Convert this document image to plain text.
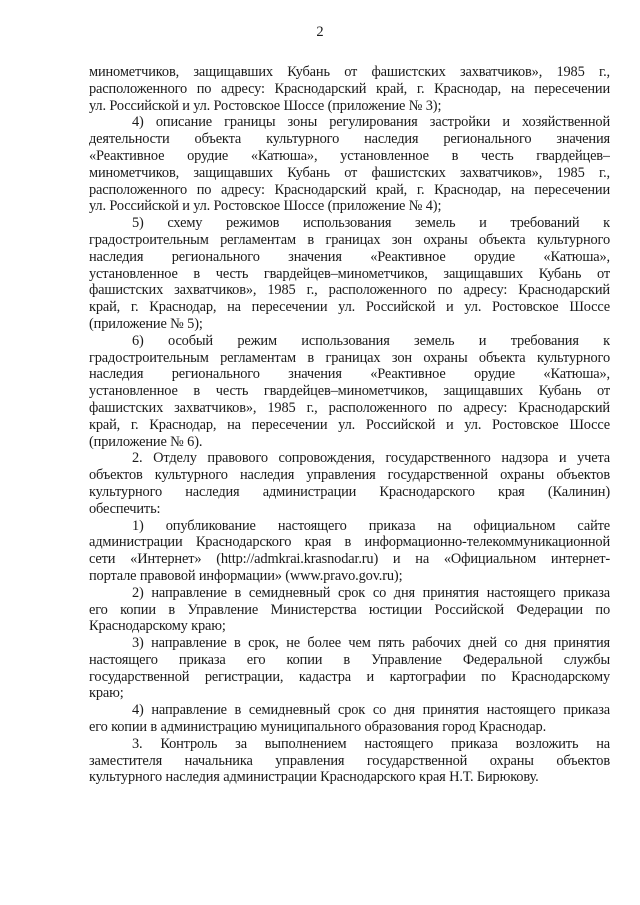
2
минометчиков, защищавших Кубань от фашистских захватчиков», 1985 г.,
расположенного по адресу: Краснодарский край, г. Краснодар, на пересечении
ул. Российской и ул. Ростовское Шоссе (приложение № 3);
4) описание границы зоны регулирования застройки и хозяйственной
деятельности объекта культурного наследия регионального значения
«Реактивное орудие «Катюша», установленное в честь гвардейцев–
минометчиков, защищавших Кубань от фашистских захватчиков», 1985 г.,
расположенного по адресу: Краснодарский край, г. Краснодар, на пересечении
ул. Российской и ул. Ростовское Шоссе (приложение № 4);
5) схему режимов использования земель и требований к
градостроительным регламентам в границах зон охраны объекта культурного
наследия регионального значения «Реактивное орудие «Катюша»,
установленное в честь гвардейцев–минометчиков, защищавших Кубань от
фашистских захватчиков», 1985 г., расположенного по адресу: Краснодарский
край, г. Краснодар, на пересечении ул. Российской и ул. Ростовское Шоссе
(приложение № 5);
6) особый режим использования земель и требования к
градостроительным регламентам в границах зон охраны объекта культурного
наследия регионального значения «Реактивное орудие «Катюша»,
установленное в честь гвардейцев–минометчиков, защищавших Кубань от
фашистских захватчиков», 1985 г., расположенного по адресу: Краснодарский
край, г. Краснодар, на пересечении ул. Российской и ул. Ростовское Шоссе
(приложение № 6).
2. Отделу правового сопровождения, государственного надзора и учета
объектов культурного наследия управления государственной охраны объектов
культурного наследия администрации Краснодарского края (Калинин)
обеспечить:
1) опубликование настоящего приказа на официальном сайте
администрации Краснодарского края в информационно-телекоммуникационной
сети «Интернет» (http://admkrai.krasnodar.ru) и на «Официальном интернет-
портале правовой информации» (www.pravo.gov.ru);
2) направление в семидневный срок со дня принятия настоящего приказа
его копии в Управление Министерства юстиции Российской Федерации по
Краснодарскому краю;
3) направление в срок, не более чем пять рабочих дней со дня принятия
настоящего приказа его копии в Управление Федеральной службы
государственной регистрации, кадастра и картографии по Краснодарскому
краю;
4) направление в семидневный срок со дня принятия настоящего приказа
его копии в администрацию муниципального образования город Краснодар.
3. Контроль за выполнением настоящего приказа возложить на
заместителя начальника управления государственной охраны объектов
культурного наследия администрации Краснодарского края Н.Т. Бирюкову.
